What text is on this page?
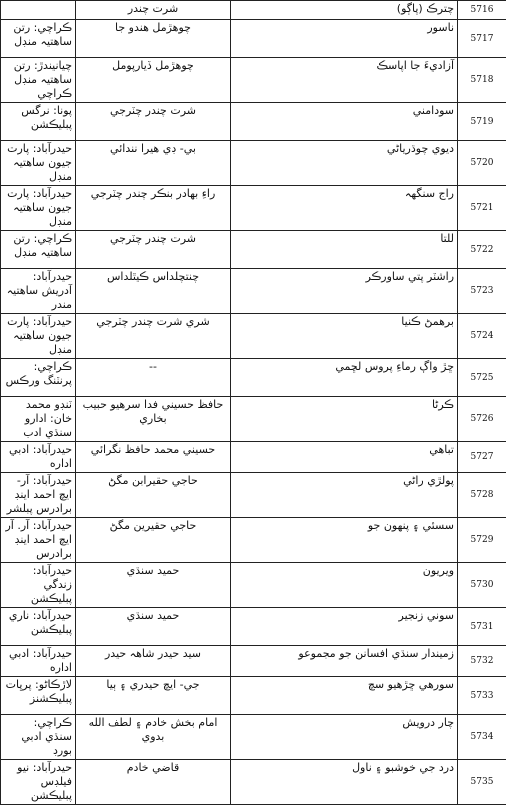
	شرت چندر	چترڪ (پاڳو)	5716
ڪراچي: رتن ساهتيہ منڊل	چوهڙمل هندو جا	ناسور	5717
چيانيندڙ: رتن ساهتيہ منڊل ڪراچي	چوهڙمل ڏيارپومل	آزاديءَ جا اپاسڪ	5718
پونا: نرگس پبليڪشن	شرت چندر چٽرجي	سودامني	5719
حيدرآباد: پارت جيون ساهتيہ منڊل	بي- ڊي هيرا نندائي	ديوي چوڌرياڻي	5720
حيدرآباد: پارت جيون ساهتيہ منڊل	راءِ بهادر بنڪر چندر چٽرجي	راج سنگهہ	5721
ڪراچي: رتن ساهتيہ منڊل	شرت چندر چٽرجي	للتا	5722
حيدرآباد: آدريش ساهتيہ مندر	چنتچلداس ڪيٿلداس	راشٽر پتي ساورڪر	5723
حيدرآباد: پارت جيون ساهتيہ منڊل	شري شرت چندر چٽرجي	برهمڻ ڪنيا	5724
ڪراچي: پرنٽنگ ورڪس	--	ڇڙ واڳ رماءِ پروس لڇمي	5725
ٽنڊو محمد خان: ادارو سنڌي ادب	حافظ حسيني فدا سرهيو حبيب بخاري	ڪرڻا	5726
حيدرآباد: ادبي اداره	حسيني محمد حافظ نگرائي	تباهي	5727
حيدرآباد: آر- ايچ احمد اينڊ برادرس پبلشر	حاجي حقيرابن مگڻ	پولڙي راڻي	5728
حيدرآباد: آر. آر ايچ احمد اينڊ برادرس	حاجي حقيرين مگڻ	سسئي ۽ پنهون جو	5729
حيدرآباد: زندگي پبليڪشن	حميد سنڌي	ويريون	5730
حيدرآباد: ناري پبليڪشن	حميد سنڌي	سوني زنجير	5731
حيدرآباد: ادبي اداره	سيد حيدر شاهہ حيدر	زميندار سنڌي افسانن جو مجموعو	5732
لاڙڪاڻو: پرڀات پبليڪشنز	جي- ايچ حيدري ۽ ٻيا	سورهي ڇڙهيو سچ	5733
ڪراچي: سنڌي ادبي بورڊ	امام بخش خادم ۽ لطف الله بدوي	چار درويش	5734
حيدرآباد: نيو فيلڊس پبليڪشن	قاضي خادم	درد جي خوشبو ۽ ناول	5735
